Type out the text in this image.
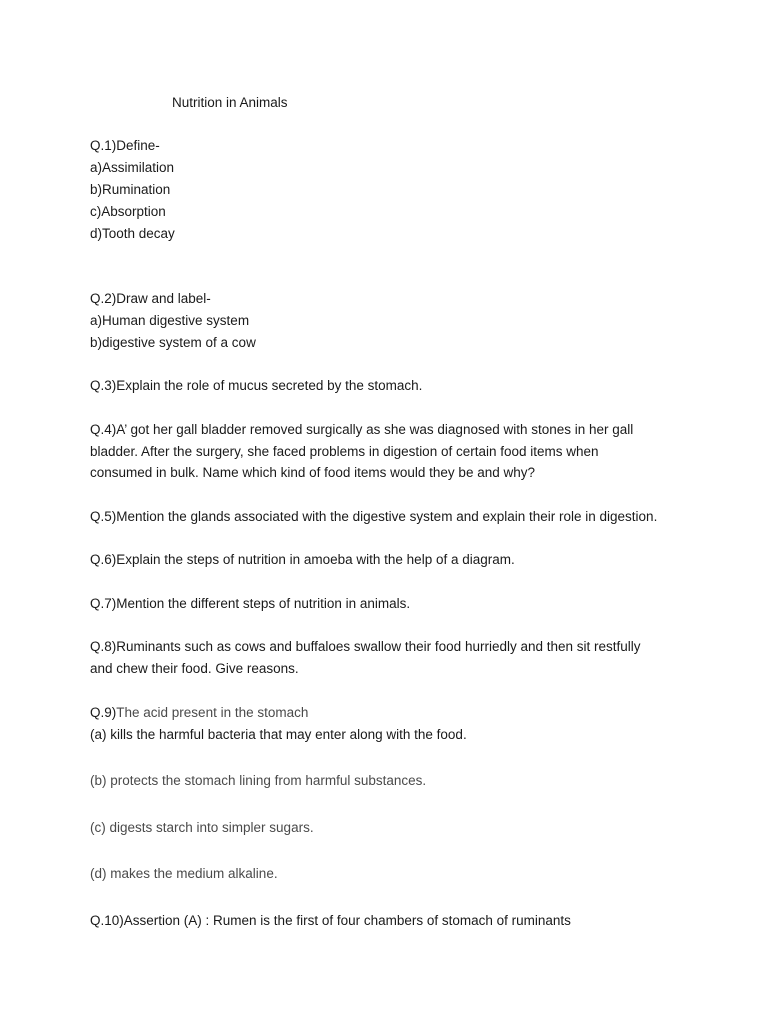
Nutrition in Animals
Q.1)Define-
a)Assimilation
b)Rumination
c)Absorption
d)Tooth decay
Q.2)Draw and label-
a)Human digestive system
b)digestive system of a cow
Q.3)Explain the role of mucus secreted by the stomach.
Q.4)A’ got her gall bladder removed surgically as she was diagnosed with stones in her gall
bladder. After the surgery, she faced problems in digestion of certain food items when
consumed in bulk. Name which kind of food items would they be and why?
Q.5)Mention the glands associated with the digestive system and explain their role in digestion.
Q.6)Explain the steps of nutrition in amoeba with the help of a diagram.
Q.7)Mention the different steps of nutrition in animals.
Q.8)Ruminants such as cows and buffaloes swallow their food hurriedly and then sit restfully
and chew their food. Give reasons.
Q.9)The acid present in the stomach
(a) kills the harmful bacteria that may enter along with the food.
(b) protects the stomach lining from harmful substances.
(c) digests starch into simpler sugars.
(d) makes the medium alkaline.
Q.10)Assertion (A) : Rumen is the first of four chambers of stomach of ruminants
